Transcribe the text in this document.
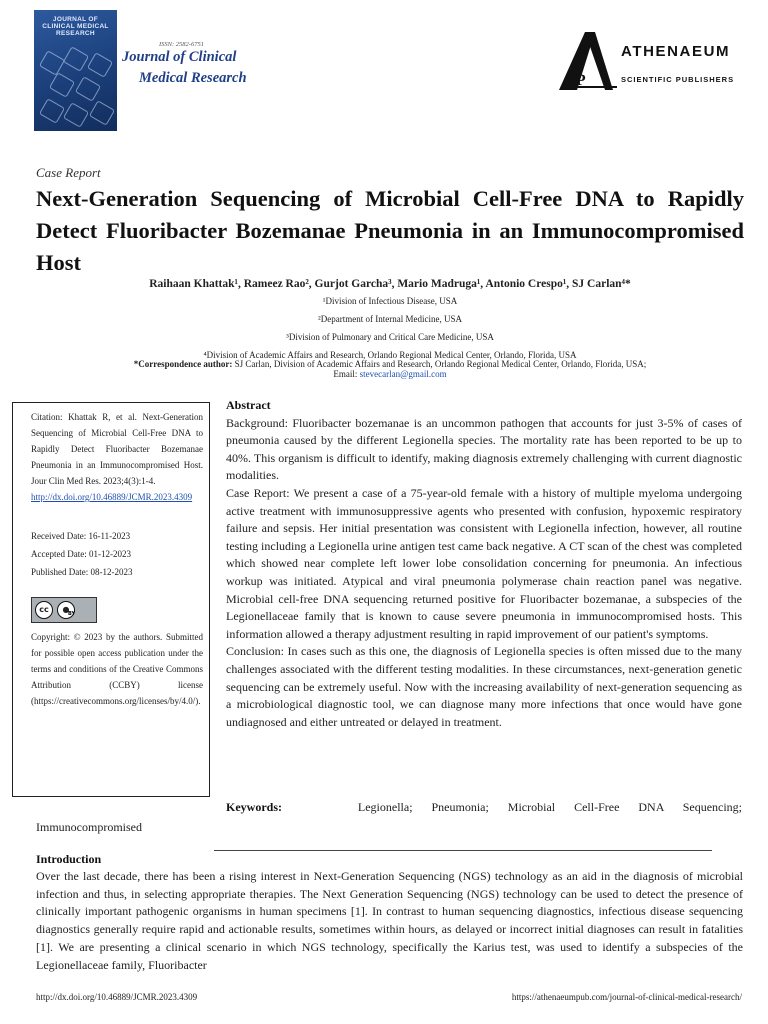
JOURNAL OF CLINICAL MEDICAL RESEARCH
ISSN: 2582-6751
Journal of Clinical
Medical Research	SP
ATHENAEUM
SCIENTIFIC PUBLISHERS
Case Report
Next-Generation Sequencing of Microbial Cell-Free DNA to Rapidly Detect Fluoribacter Bozemanae Pneumonia in an Immunocompromised Host
Raihaan Khattak¹, Rameez Rao², Gurjot Garcha³, Mario Madruga¹, Antonio Crespo¹, SJ Carlan⁴*
¹Division of Infectious Disease, USA
²Department of Internal Medicine, USA
³Division of Pulmonary and Critical Care Medicine, USA
⁴Division of Academic Affairs and Research, Orlando Regional Medical Center, Orlando, Florida, USA
*Correspondence author: SJ Carlan, Division of Academic Affairs and Research, Orlando Regional Medical Center, Orlando, Florida, USA;
Email: stevecarlan@gmail.com
Citation: Khattak R, et al. Next-Generation Sequencing of Microbial Cell-Free DNA to Rapidly Detect Fluoribacter Bozemanae Pneumonia in an Immunocompromised Host. Jour Clin Med Res. 2023;4(3):1-4.
http://dx.doi.org/10.46889/JCMR.2023.4309
Received Date: 16-11-2023
Accepted Date: 01-12-2023
Published Date: 08-12-2023
cc	●
BY
Copyright: © 2023 by the authors. Submitted for possible open access publication under the terms and conditions of the Creative Commons Attribution (CCBY) license (https://creativecommons.org/licenses/by/4.0/).
Abstract

Background: Fluoribacter bozemanae is an uncommon pathogen that accounts for just 3-5% of cases of pneumonia caused by the different Legionella species. The mortality rate has been reported to be up to 40%. This organism is difficult to identify, making diagnosis extremely challenging with current diagnostic modalities.

Case Report: We present a case of a 75-year-old female with a history of multiple myeloma undergoing active treatment with immunosuppressive agents who presented with confusion, hypoxemic respiratory failure and sepsis. Her initial presentation was consistent with Legionella infection, however, all routine testing including a Legionella urine antigen test came back negative. A CT scan of the chest was completed which showed near complete left lower lobe consolidation concerning for pneumonia. An infectious workup was initiated. Atypical and viral pneumonia polymerase chain reaction panel was negative. Microbial cell-free DNA sequencing returned positive for Fluoribacter bozemanae, a subspecies of the Legionellaceae family that is known to cause severe pneumonia in immunocompromised hosts. This information allowed a therapy adjustment resulting in rapid improvement of our patient's symptoms.

Conclusion: In cases such as this one, the diagnosis of Legionella species is often missed due to the many challenges associated with the different testing modalities. In these circumstances, next-generation genetic sequencing can be extremely useful. Now with the increasing availability of next-generation sequencing as a microbiological diagnostic tool, we can diagnose many more infections that once would have gone undiagnosed and either untreated or delayed in treatment.

Keywords:	Legionella; Pneumonia; Microbial Cell-Free DNA Sequencing;
Immunocompromised
Introduction
Over the last decade, there has been a rising interest in Next-Generation Sequencing (NGS) technology as an aid in the diagnosis of microbial infection and thus, in selecting appropriate therapies. The Next Generation Sequencing (NGS) technology can be used to detect the presence of clinically important pathogenic organisms in human specimens [1]. In contrast to human sequencing diagnostics, infectious disease sequencing diagnostics generally require rapid and actionable results, sometimes within hours, as delayed or incorrect initial diagnoses can result in fatalities [1]. We are presenting a clinical scenario in which NGS technology, specifically the Karius test, was used to identify a subspecies of the Legionellaceae family, Fluoribacter
http://dx.doi.org/10.46889/JCMR.2023.4309	https://athenaeumpub.com/journal-of-clinical-medical-research/
